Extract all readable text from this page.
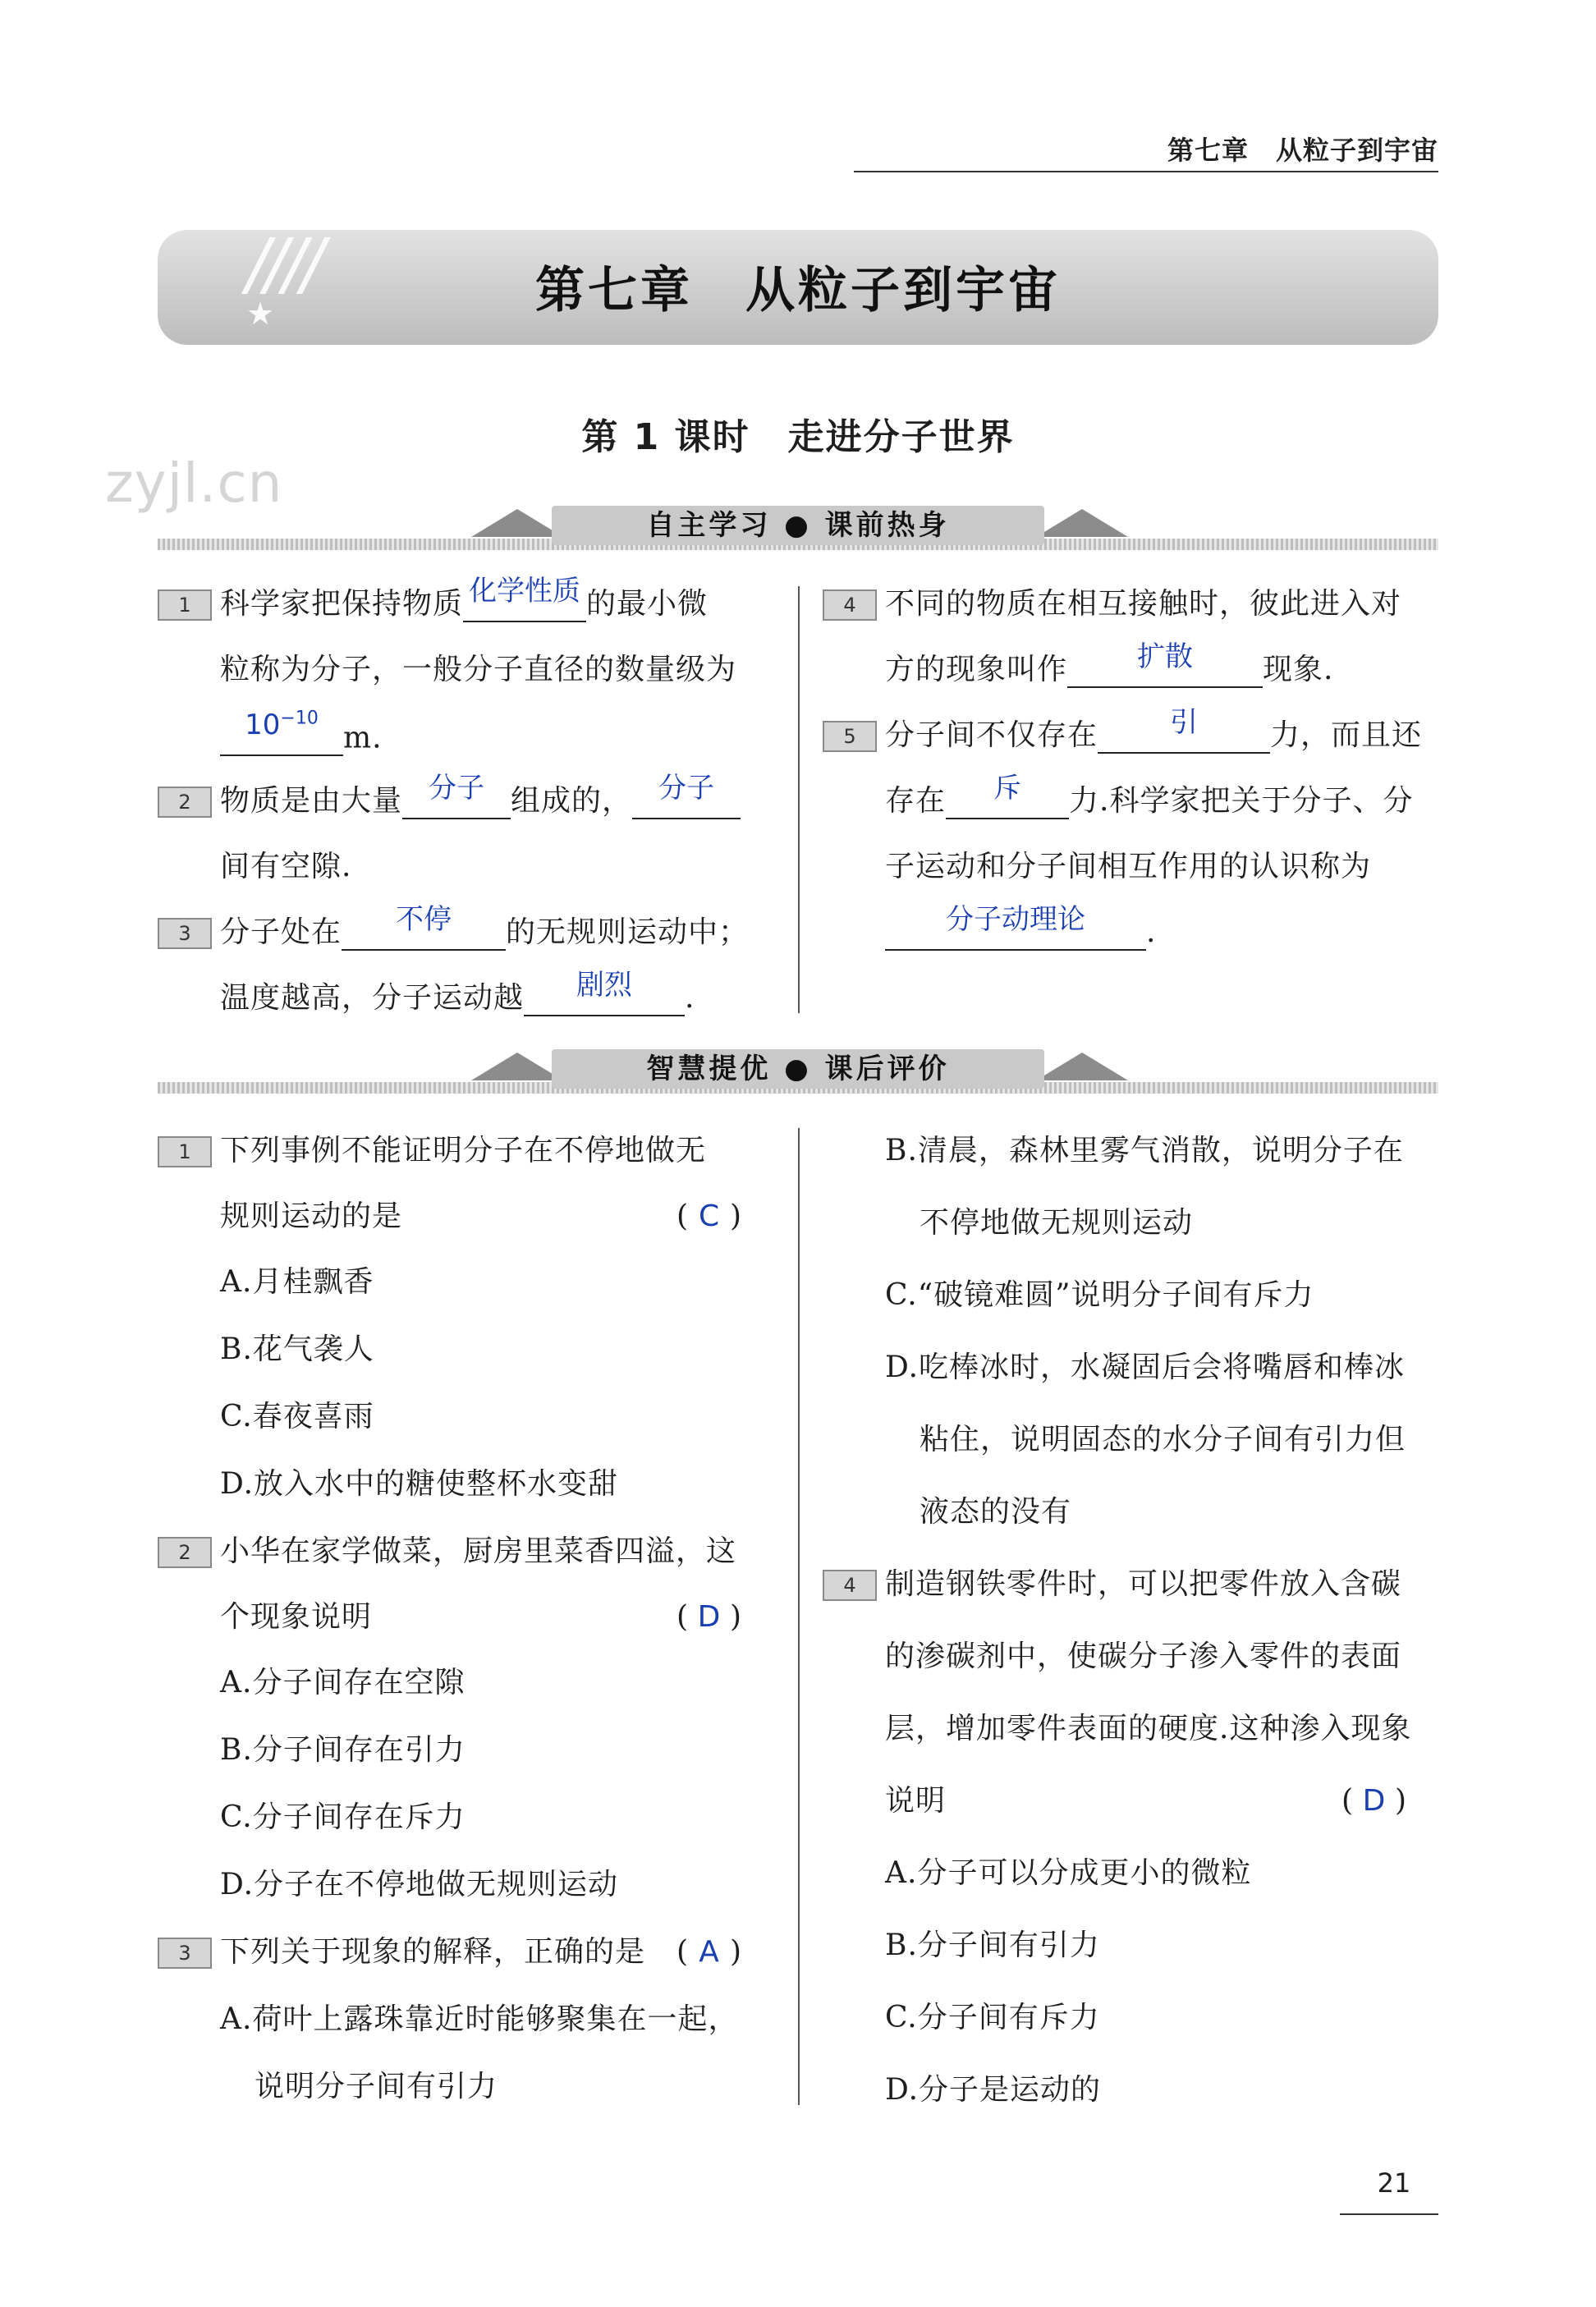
第七章　从粒子到宇宙
////
★	第七章　从粒子到宇宙
第 1 课时　走进分子世界
zyjl.cn
自主学习 ● 课前热身
1 科学家把保持物质 化学性质 的最小微
粒称为分子，一般分子直径的数量级为
$10^{-10}m$.
2 物质是由大量 分子 组成的， 分子
间有空隙.
3 分子处在 不停 的无规则运动中；
温度越高，分子运动越 剧烈 .
4 不同的物质在相互接触时，彼此进入对
方的现象叫作	扩散 现象.
5 分子间不仅存在	引 力，而且还
存在 斥 力.科学家把关于分子、分
子运动和分子间相互作用的认识称为
分子动理论 .
智慧提优 ● 课后评价
1 下列事例不能证明分子在不停地做无
规则运动的是	( C )
A.月桂飘香
B.花气袭人
C.春夜喜雨
D.放入水中的糖使整杯水变甜
2 小华在家学做菜，厨房里菜香四溢，这
个现象说明	( D )
A.分子间存在空隙
B.分子间存在引力
C.分子间存在斥力
D.分子在不停地做无规则运动
3 下列关于现象的解释，正确的是 ( A )
A.荷叶上露珠靠近时能够聚集在一起，
说明分子间有引力
B.清晨，森林里雾气消散，说明分子在
不停地做无规则运动
C.“破镜难圆”说明分子间有斥力
D.吃棒冰时，水凝固后会将嘴唇和棒冰
粘住，说明固态的水分子间有引力但
液态的没有
4 制造钢铁零件时，可以把零件放入含碳
的渗碳剂中，使碳分子渗入零件的表面
层，增加零件表面的硬度.这种渗入现象
说明	( D )
A.分子可以分成更小的微粒
B.分子间有引力
C.分子间有斥力
D.分子是运动的
21
